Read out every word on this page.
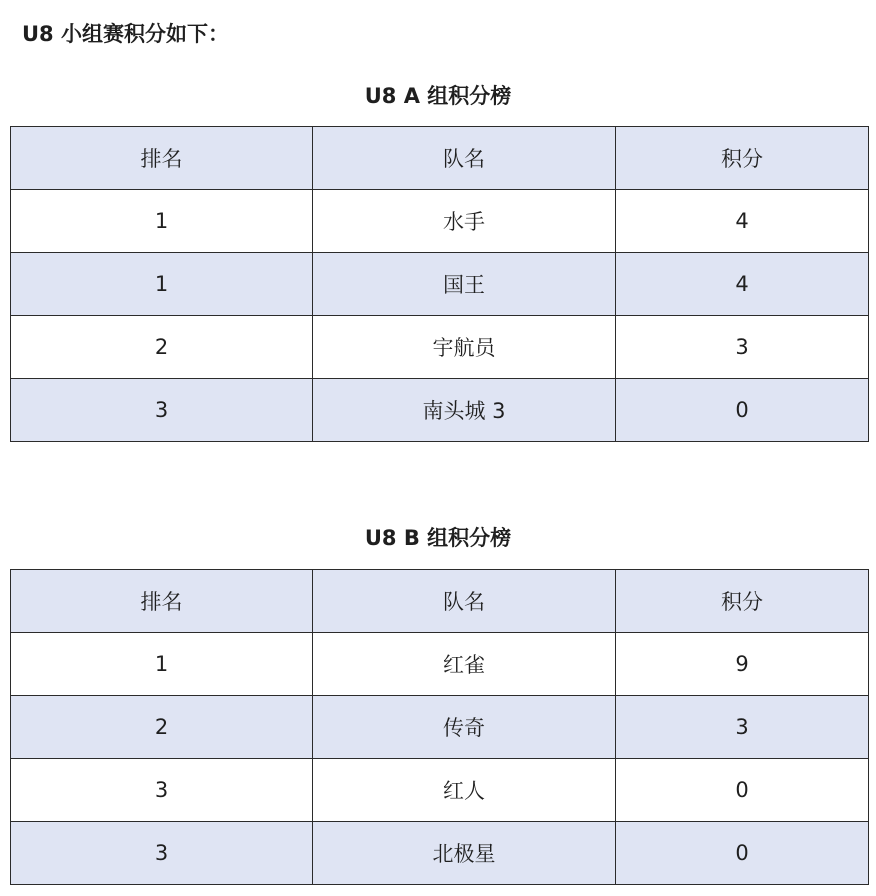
U8 小组赛积分如下：
U8 A 组积分榜
排名	队名	积分
1	水手	4
1	国王	4
2	宇航员	3
3	南头城 3	0
U8 B 组积分榜
排名	队名	积分
1	红雀	9
2	传奇	3
3	红人	0
3	北极星	0
